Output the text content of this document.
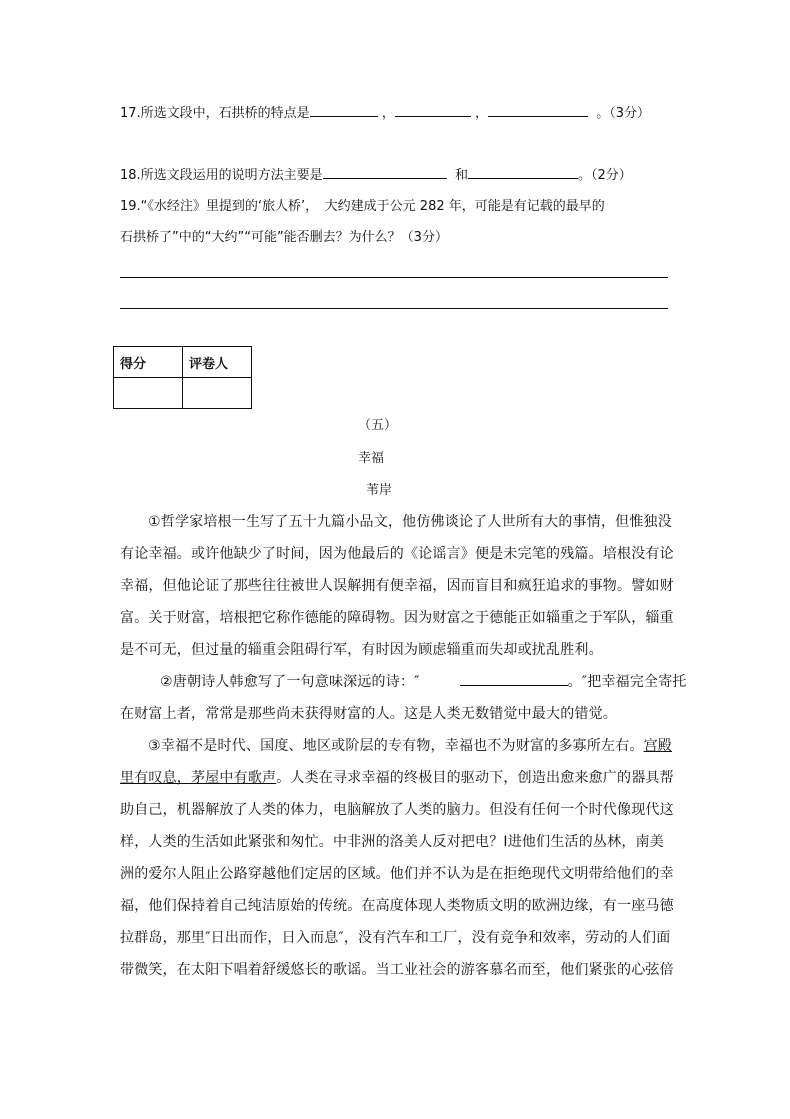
17.所选文段中，石拱桥的特点是	，	，	。（3分）
18.所选文段运用的说明方法主要是	和	。（2分）
19.“《水经注》里提到的‘旅人桥’，　大约建成于公元 282 年，可能是有记载的最早的
石拱桥了”中的“大约”“可能”能否删去？为什么？（3分）
得分	评卷人

（五）
幸福
苇岸
①哲学家培根一生写了五十九篇小品文，他仿佛谈论了人世所有大的事情，但惟独没
有论幸福。或许他缺少了时间，因为他最后的《论谣言》便是未完笔的残篇。培根没有论
幸福，但他论证了那些往往被世人误解拥有便幸福，因而盲目和疯狂追求的事物。譬如财
富。关于财富，培根把它称作德能的障碍物。因为财富之于德能正如辎重之于军队，辎重
是不可无，但过量的辎重会阻碍行军，有时因为顾虑辎重而失却或扰乱胜利。
②唐朝诗人韩愈写了一句意味深远的诗：″	。″把幸福完全寄托
在财富上者，常常是那些尚未获得财富的人。这是人类无数错觉中最大的错觉。
③幸福不是时代、国度、地区或阶层的专有物，幸福也不为财富的多寡所左右。宫殿
里有叹息，茅屋中有歌声。人类在寻求幸福的终极目的驱动下，创造出愈来愈广的器具帮
助自己，机器解放了人类的体力，电脑解放了人类的脑力。但没有任何一个时代像现代这
样，人类的生活如此紧张和匆忙。中非洲的洛美人反对把电？I进他们生活的丛林，南美
洲的爱尔人阻止公路穿越他们定居的区域。他们并不认为是在拒绝现代文明带给他们的幸
福，他们保持着自己纯洁原始的传统。在高度体现人类物质文明的欧洲边缘，有一座马德
拉群岛，那里″日出而作，日入而息″，没有汽车和工厂，没有竞争和效率，劳动的人们面
带微笑，在太阳下唱着舒缓悠长的歌谣。当工业社会的游客慕名而至，他们紧张的心弦倍
